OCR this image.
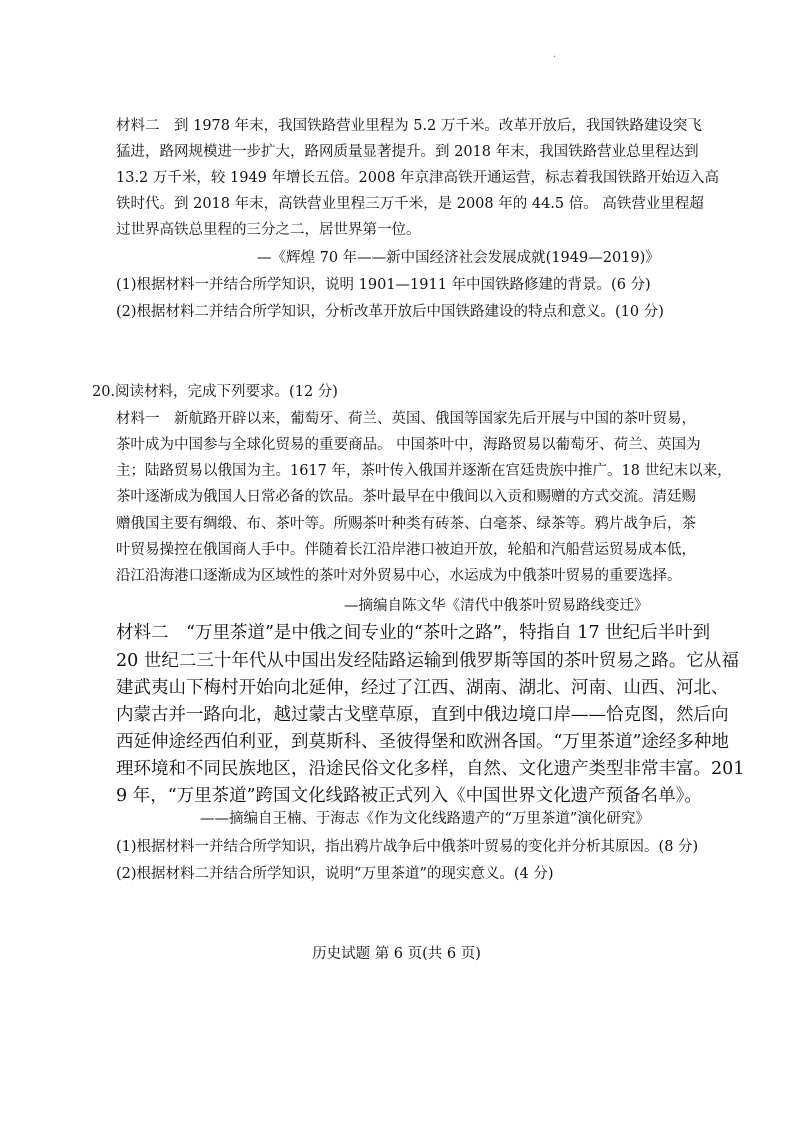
·
材料二　到 1978 年末，我国铁路营业里程为 5.2 万千米。改革开放后，我国铁路建设突飞
猛进，路网规模进一步扩大，路网质量显著提升。到 2018 年末，我国铁路营业总里程达到
13.2 万千米，较 1949 年增长五倍。2008 年京津高铁开通运营，标志着我国铁路开始迈入高
铁时代。到 2018 年末，高铁营业里程三万千米，是 2008 年的 44.5 倍。 高铁营业里程超
过世界高铁总里程的三分之二，居世界第一位。
—《辉煌 70 年——新中国经济社会发展成就(1949—2019)》
(1)根据材料一并结合所学知识，说明 1901—1911 年中国铁路修建的背景。(6 分)
(2)根据材料二并结合所学知识，分析改革开放后中国铁路建设的特点和意义。(10 分)
20.阅读材料，完成下列要求。(12 分)
材料一　新航路开辟以来，葡萄牙、荷兰、英国、俄国等国家先后开展与中国的茶叶贸易，
茶叶成为中国参与全球化贸易的重要商品。 中国茶叶中，海路贸易以葡萄牙、荷兰、英国为
主；陆路贸易以俄国为主。1617 年，茶叶传入俄国并逐渐在宫廷贵族中推广。18 世纪末以来，
茶叶逐渐成为俄国人日常必备的饮品。茶叶最早在中俄间以入贡和赐赠的方式交流。清廷赐
赠俄国主要有绸缎、布、茶叶等。所赐茶叶种类有砖茶、白毫茶、绿茶等。鸦片战争后，茶
叶贸易操控在俄国商人手中。伴随着长江沿岸港口被迫开放，轮船和汽船营运贸易成本低，
沿江沿海港口逐渐成为区域性的茶叶对外贸易中心，水运成为中俄茶叶贸易的重要选择。
—摘编自陈文华《清代中俄茶叶贸易路线变迁》
材料二　“万里茶道”是中俄之间专业的“茶叶之路”，特指自 17 世纪后半叶到
20 世纪二三十年代从中国出发经陆路运输到俄罗斯等国的茶叶贸易之路。它从福
建武夷山下梅村开始向北延伸，经过了江西、湖南、湖北、河南、山西、河北、
内蒙古并一路向北，越过蒙古戈壁草原，直到中俄边境口岸——恰克图，然后向
西延伸途经西伯利亚，到莫斯科、圣彼得堡和欧洲各国。“万里茶道”途经多种地
理环境和不同民族地区，沿途民俗文化多样，自然、文化遗产类型非常丰富。201
9 年，“万里茶道”跨国文化线路被正式列入《中国世界文化遗产预备名单》。
——摘编自王楠、于海志《作为文化线路遗产的“万里茶道”演化研究》
(1)根据材料一并结合所学知识，指出鸦片战争后中俄茶叶贸易的变化并分析其原因。(8 分)
(2)根据材料二并结合所学知识，说明“万里茶道”的现实意义。(4 分)
历史试题 第 6 页(共 6 页)
